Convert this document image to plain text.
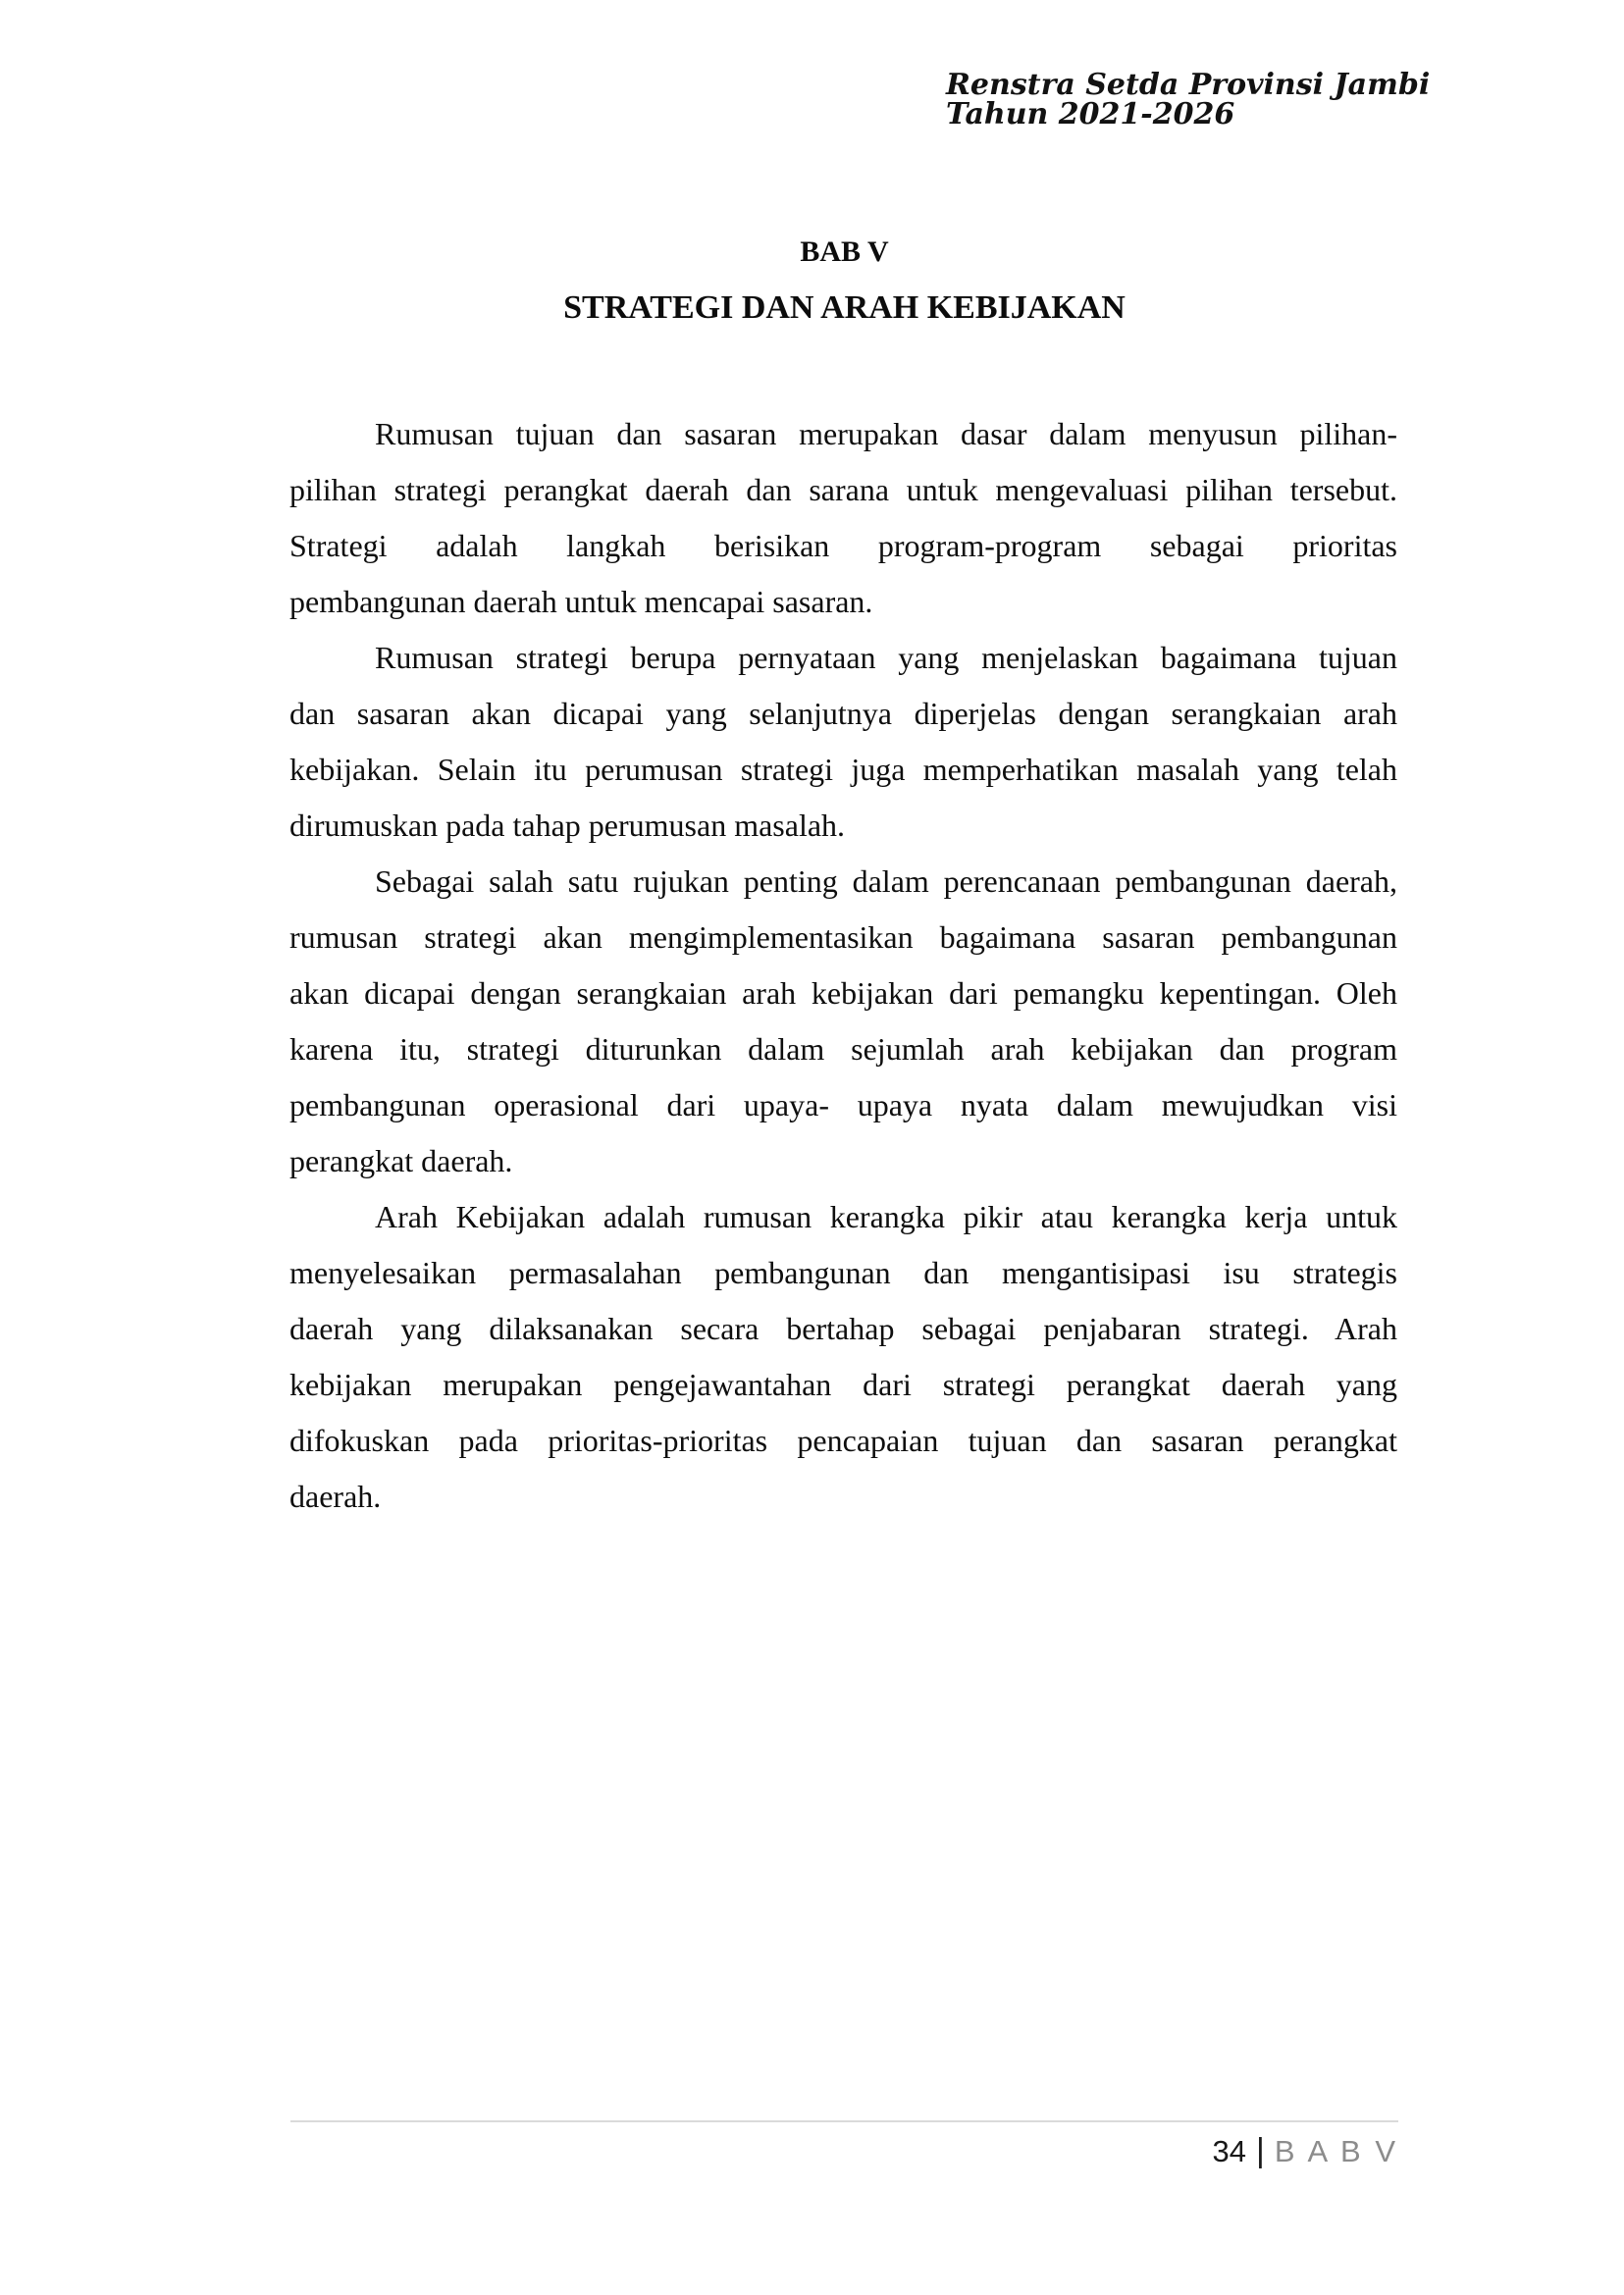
Renstra Setda Provinsi Jambi
Tahun 2021-2026
BAB V
STRATEGI DAN ARAH KEBIJAKAN
Rumusan tujuan dan sasaran merupakan dasar dalam menyusun pilihan-
pilihan strategi perangkat daerah dan sarana untuk mengevaluasi pilihan tersebut.
Strategi adalah langkah berisikan program-program sebagai prioritas
pembangunan daerah untuk mencapai sasaran.
Rumusan strategi berupa pernyataan yang menjelaskan bagaimana tujuan
dan sasaran akan dicapai yang selanjutnya diperjelas dengan serangkaian arah
kebijakan. Selain itu perumusan strategi juga memperhatikan masalah yang telah
dirumuskan pada tahap perumusan masalah.
Sebagai salah satu rujukan penting dalam perencanaan pembangunan daerah,
rumusan strategi akan mengimplementasikan bagaimana sasaran pembangunan
akan dicapai dengan serangkaian arah kebijakan dari pemangku kepentingan. Oleh
karena itu, strategi diturunkan dalam sejumlah arah kebijakan dan program
pembangunan operasional dari upaya- upaya nyata dalam mewujudkan visi
perangkat daerah.
Arah Kebijakan adalah rumusan kerangka pikir atau kerangka kerja untuk
menyelesaikan permasalahan pembangunan dan mengantisipasi isu strategis
daerah yang dilaksanakan secara bertahap sebagai penjabaran strategi. Arah
kebijakan merupakan pengejawantahan dari strategi perangkat daerah yang
difokuskan pada prioritas-prioritas pencapaian tujuan dan sasaran perangkat
daerah.
34 | B A B V
